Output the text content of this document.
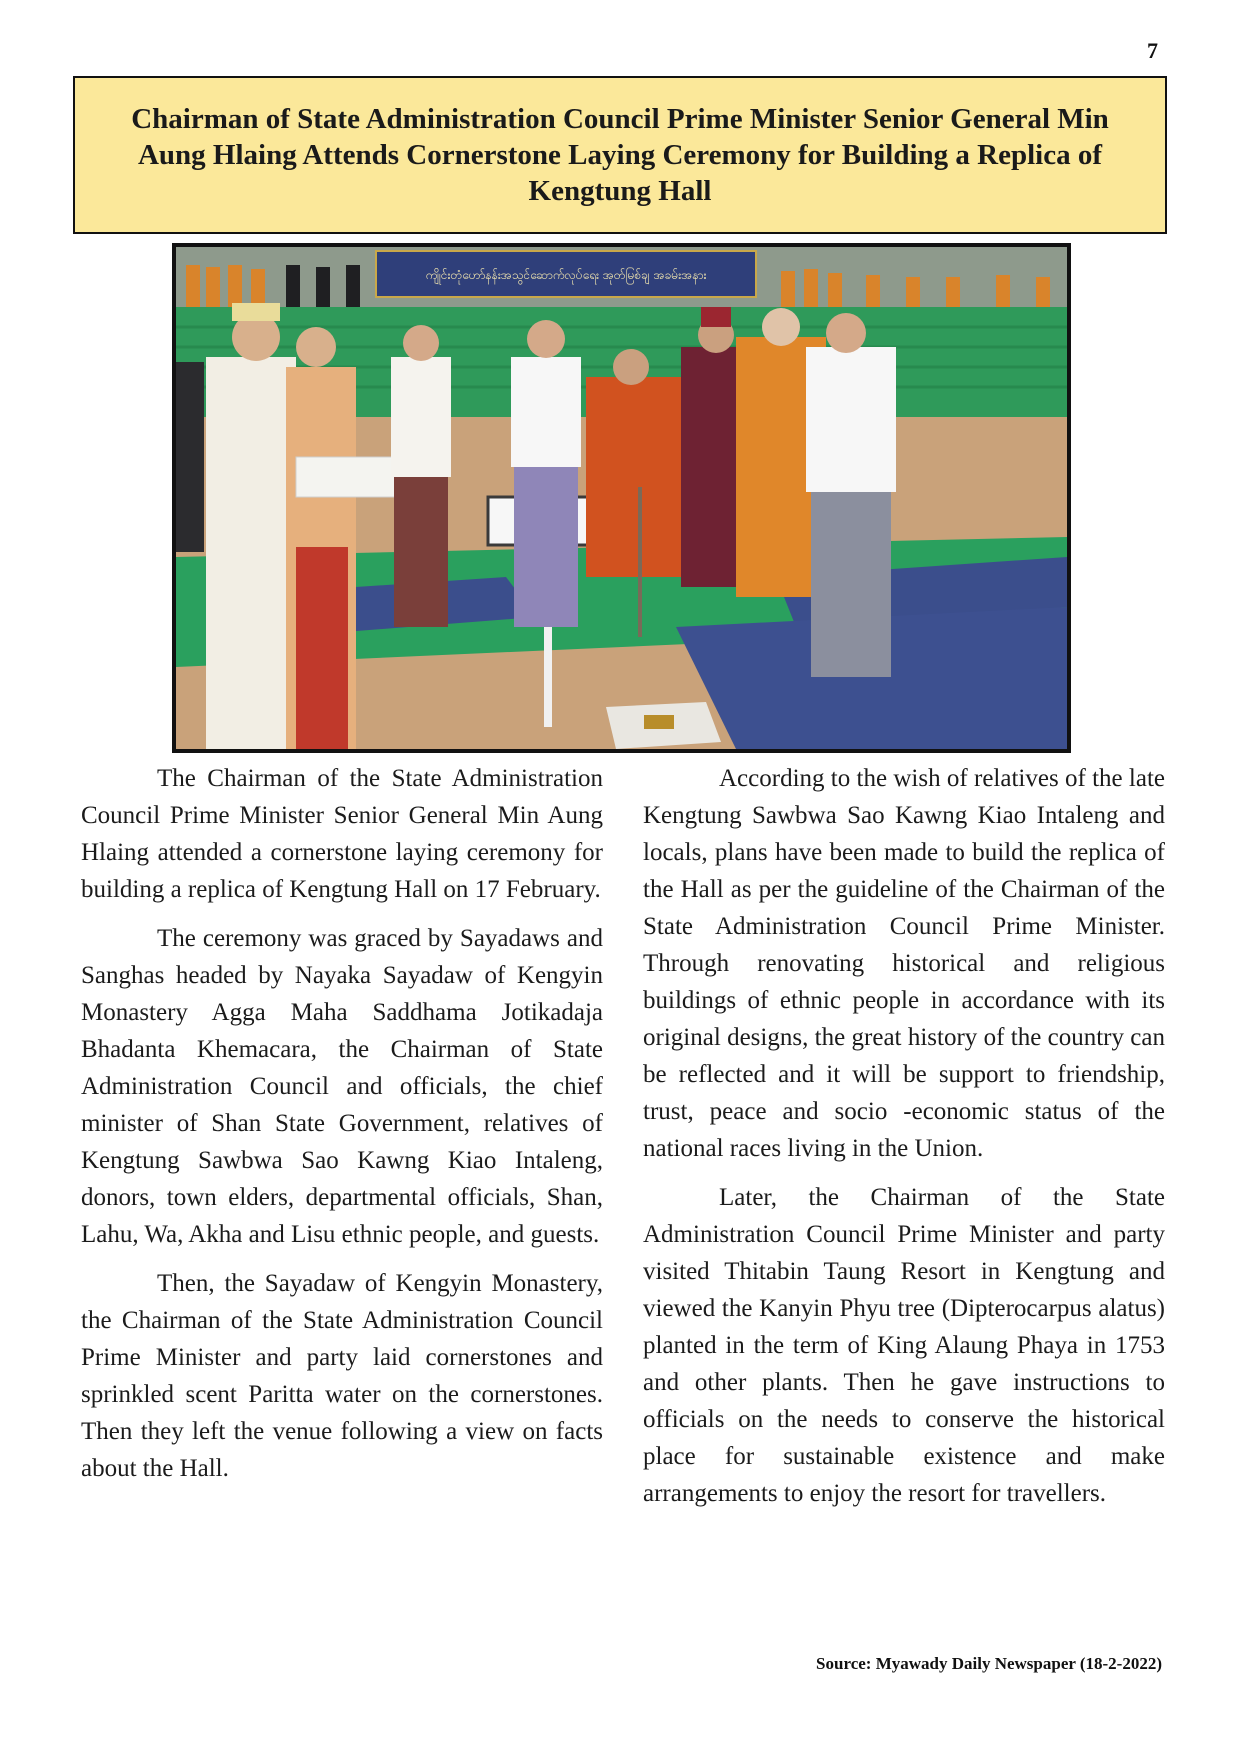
7
Chairman of State Administration Council Prime Minister Senior General Min Aung Hlaing Attends Cornerstone Laying Ceremony for Building a Replica of Kengtung Hall
ကျိုင်းတုံဟော်နန်းအသွင်ဆောက်လုပ်ရေး အုတ်မြစ်ချ အခမ်းအနား

The Chairman of the State Administration Council Prime Minister Senior General Min Aung Hlaing attended a cornerstone laying ceremony for building a replica of Kengtung Hall on 17 February.

The ceremony was graced by Sayadaws and Sanghas headed by Nayaka Sayadaw of Kengyin Monastery Agga Maha Saddhama Jotikadaja Bhadanta Khemacara, the Chairman of State Administration Council and officials, the chief minister of Shan State Government, relatives of Kengtung Sawbwa Sao Kawng Kiao Intaleng, donors, town elders, departmental officials, Shan, Lahu, Wa, Akha and Lisu ethnic people, and guests.

Then, the Sayadaw of Kengyin Monastery, the Chairman of the State Administration Council Prime Minister and party laid cornerstones and sprinkled scent Paritta water on the cornerstones. Then they left the venue following a view on facts about the Hall.

According to the wish of relatives of the late Kengtung Sawbwa Sao Kawng Kiao Intaleng and locals, plans have been made to build the replica of the Hall as per the guideline of the Chairman of the State Administration Council Prime Minister. Through renovating historical and religious buildings of ethnic people in accordance with its original designs, the great history of the country can be reflected and it will be support to friendship, trust, peace and socio -economic status of the national races living in the Union.

Later, the Chairman of the State Administration Council Prime Minister and party visited Thitabin Taung Resort in Kengtung and viewed the Kanyin Phyu tree (Dipterocarpus alatus) planted in the term of King Alaung Phaya in 1753 and other plants. Then he gave instructions to officials on the needs to conserve the historical place for sustainable existence and make arrangements to enjoy the resort for travellers.

Source: Myawady Daily Newspaper (18-2-2022)
